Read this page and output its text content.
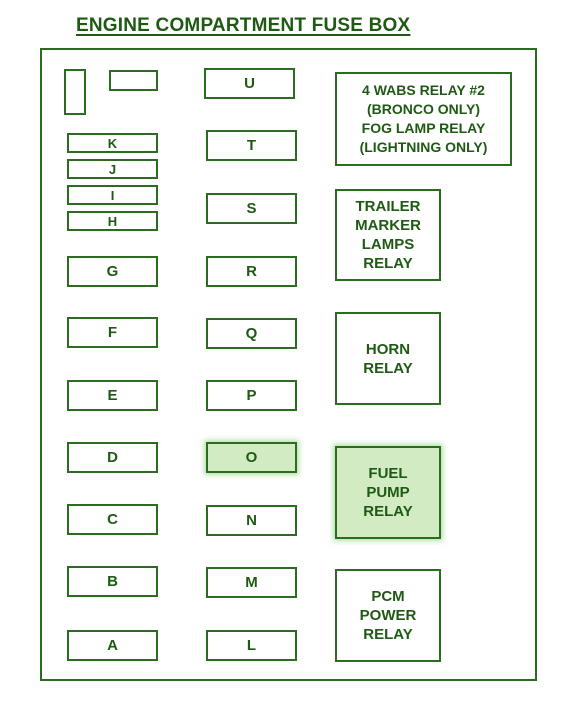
ENGINE COMPARTMENT FUSE BOX
K
J
I
H
G
F
E
D
C
B
A
U
T
S
R
Q
P
O
N
M
L
4 WABS RELAY #2
(BRONCO ONLY)
FOG LAMP RELAY
(LIGHTNING ONLY)
TRAILER
MARKER
LAMPS
RELAY
HORN
RELAY
FUEL
PUMP
RELAY
PCM
POWER
RELAY
